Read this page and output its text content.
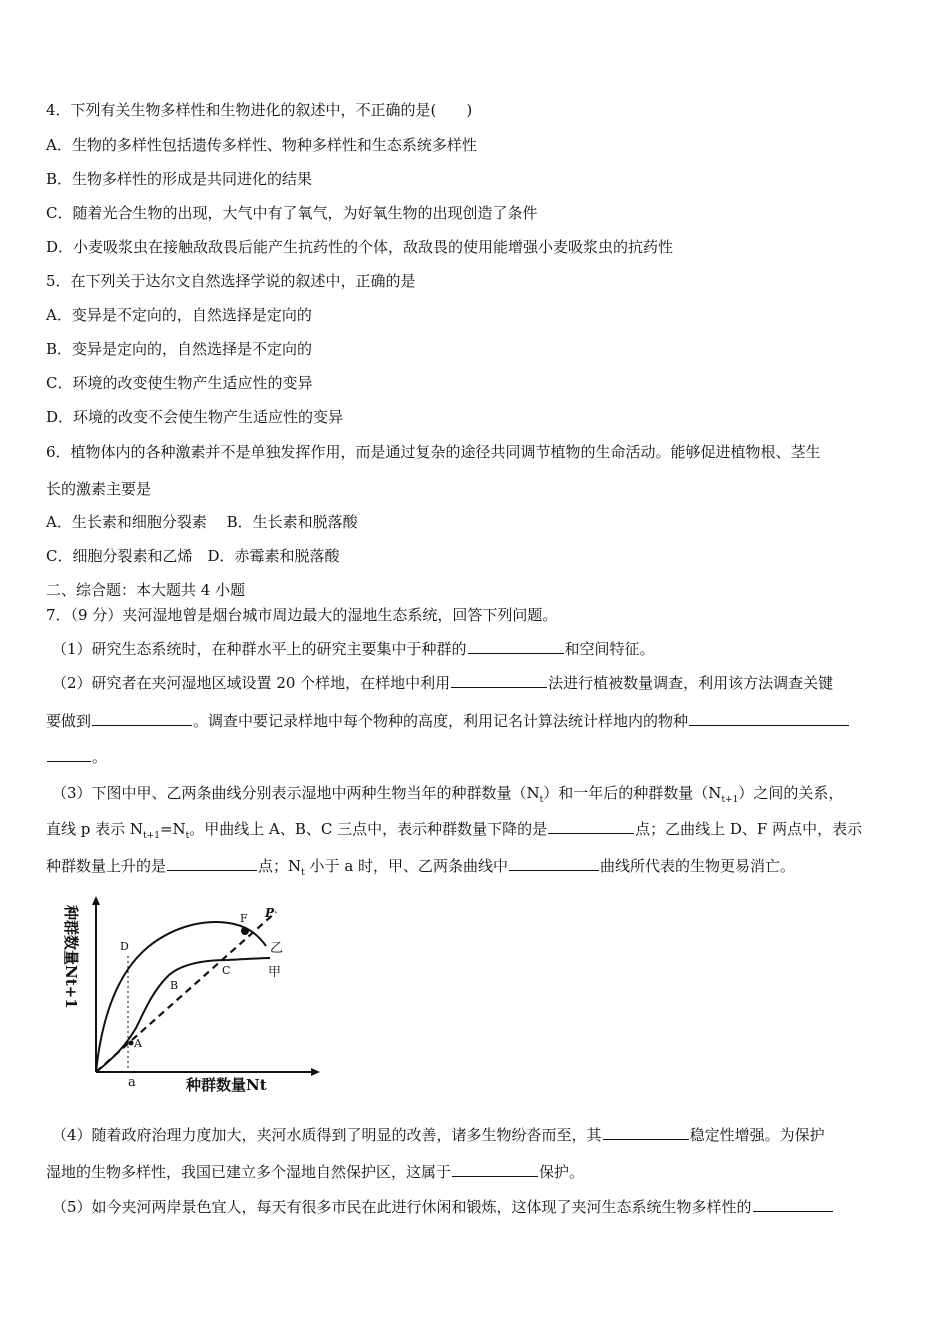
4．下列有关生物多样性和生物进化的叙述中，不正确的是(　　)
A．生物的多样性包括遗传多样性、物种多样性和生态系统多样性
B．生物多样性的形成是共同进化的结果
C．随着光合生物的出现，大气中有了氧气，为好氧生物的出现创造了条件
D．小麦吸浆虫在接触敌敌畏后能产生抗药性的个体，敌敌畏的使用能增强小麦吸浆虫的抗药性
5．在下列关于达尔文自然选择学说的叙述中，正确的是
A．变异是不定向的，自然选择是定向的
B．变异是定向的，自然选择是不定向的
C．环境的改变使生物产生适应性的变异
D．环境的改变不会使生物产生适应性的变异
6．植物体内的各种激素并不是单独发挥作用，而是通过复杂的途径共同调节植物的生命活动。能够促进植物根、茎生
长的激素主要是
A．生长素和细胞分裂素　 B．生长素和脱落酸
C．细胞分裂素和乙烯　D．赤霉素和脱落酸
二、综合题：本大题共 4 小题
7．（9 分）夹河湿地曾是烟台城市周边最大的湿地生态系统，回答下列问题。
（1）研究生态系统时，在种群水平上的研究主要集中于种群的	和空间特征。
（2）研究者在夹河湿地区域设置 20 个样地，在样地中利用	法进行植被数量调查，利用该方法调查关键
要做到	。调查中要记录样地中每个物种的高度，利用记名计算法统计样地内的物种
。
（3）下图中甲、乙两条曲线分别表示湿地中两种生物当年的种群数量$(N_t)$和一年后的种群数量$(N_{t+1})$之间的关系，
直线 p 表示 $N_{t+1}=N_t$。甲曲线上 A、B、C 三点中，表示种群数量下降的是	点；乙曲线上 D、F 两点中，表示
种群数量上升的是	点；$N_t$ 小于 a 时，甲、乙两条曲线中	曲线所代表的生物更易消亡。
种群数量Nt+1
种群数量Nt
a
A
B
C
D
F P
乙
甲
（4）随着政府治理力度加大，夹河水质得到了明显的改善，诸多生物纷沓而至，其	稳定性增强。为保护
湿地的生物多样性，我国已建立多个湿地自然保护区，这属于	保护。
（5）如今夹河两岸景色宜人，每天有很多市民在此进行休闲和锻炼，这体现了夹河生态系统生物多样性的
